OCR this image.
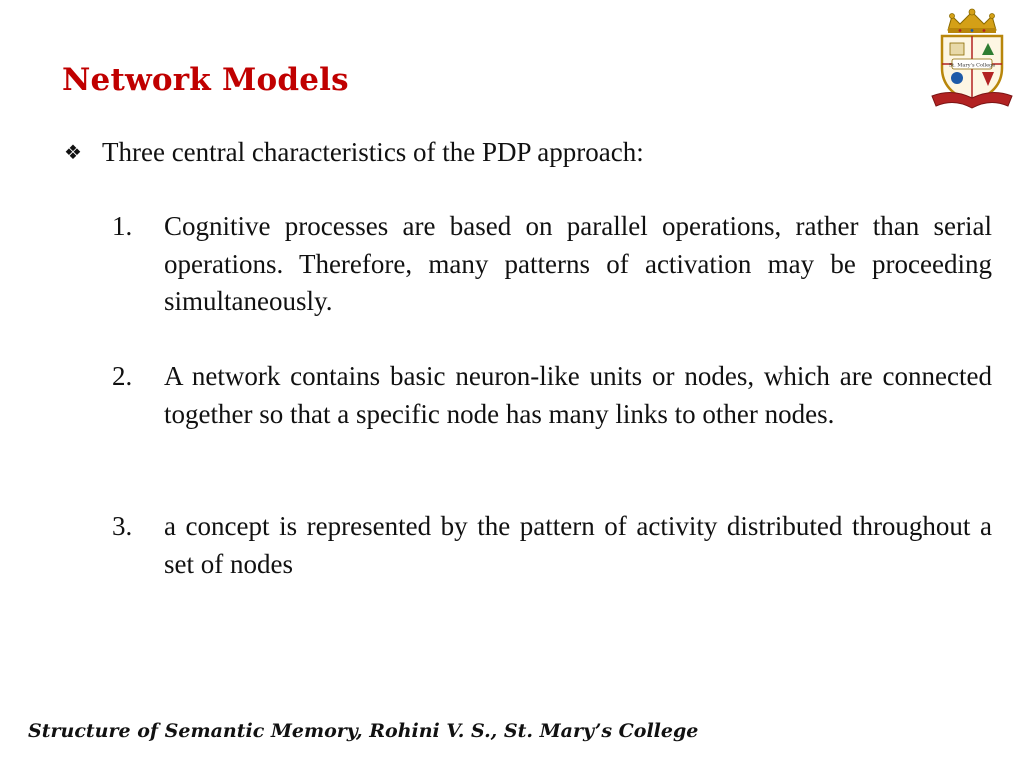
Network Models	St. Mary's College
❖ Three central characteristics of the PDP approach:
1.	Cognitive processes are based on parallel operations, rather than serial operations. Therefore, many patterns of activation may be proceeding simultaneously.
2.	A network contains basic neuron-like units or nodes, which are connected together so that a specific node has many links to other nodes.
3.	a concept is represented by the pattern of activity distributed throughout a set of nodes
Structure of Semantic Memory, Rohini V. S., St. Mary’s College
